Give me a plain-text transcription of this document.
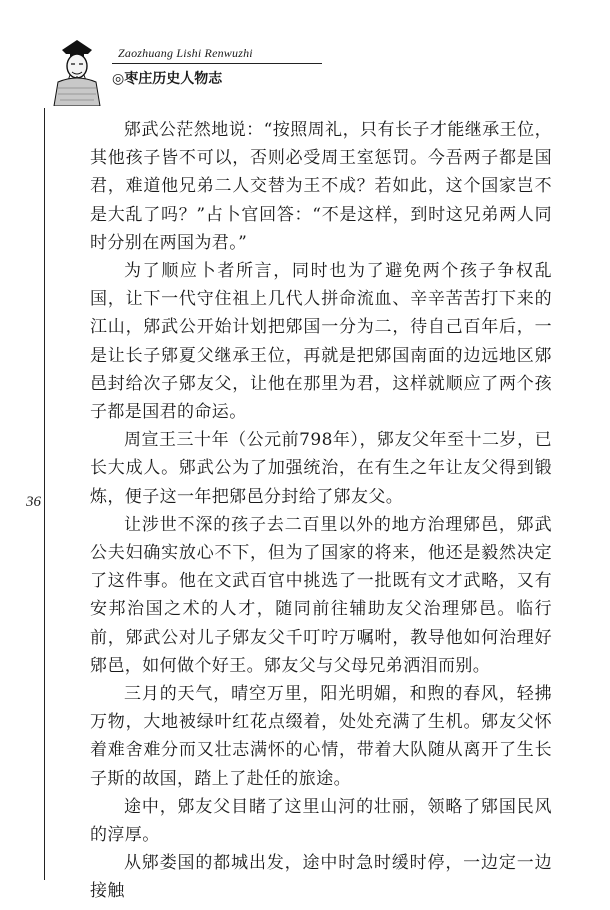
Zaozhuang Lishi Renwuzhi
◎枣庄历史人物志
36

郳武公茫然地说：“按照周礼，只有长子才能继承王位，其他孩子皆不可以，否则必受周王室惩罚。今吾两子都是国君，难道他兄弟二人交替为王不成？若如此，这个国家岂不是大乱了吗？”占卜官回答：“不是这样，到时这兄弟两人同时分别在两国为君。”

为了顺应卜者所言，同时也为了避免两个孩子争权乱国，让下一代守住祖上几代人拼命流血、辛辛苦苦打下来的江山，郳武公开始计划把郳国一分为二，待自己百年后，一是让长子郳夏父继承王位，再就是把郳国南面的边远地区郳邑封给次子郳友父，让他在那里为君，这样就顺应了两个孩子都是国君的命运。

周宣王三十年（公元前798年），郳友父年至十二岁，已长大成人。郳武公为了加强统治，在有生之年让友父得到锻炼，便子这一年把郳邑分封给了郳友父。

让涉世不深的孩子去二百里以外的地方治理郳邑，郳武公夫妇确实放心不下，但为了国家的将来，他还是毅然决定了这件事。他在文武百官中挑选了一批既有文才武略，又有安邦治国之术的人才，随同前往辅助友父治理郳邑。临行前，郳武公对儿子郳友父千叮咛万嘱咐，教导他如何治理好郳邑，如何做个好王。郳友父与父母兄弟洒泪而别。

三月的天气，晴空万里，阳光明媚，和煦的春风，轻拂万物，大地被绿叶红花点缀着，处处充满了生机。郳友父怀着难舍难分而又壮志满怀的心情，带着大队随从离开了生长子斯的故国，踏上了赴任的旅途。

途中，郳友父目睹了这里山河的壮丽，领略了郳国民风的淳厚。

从郳娄国的都城出发，途中时急时缓时停，一边定一边接触
